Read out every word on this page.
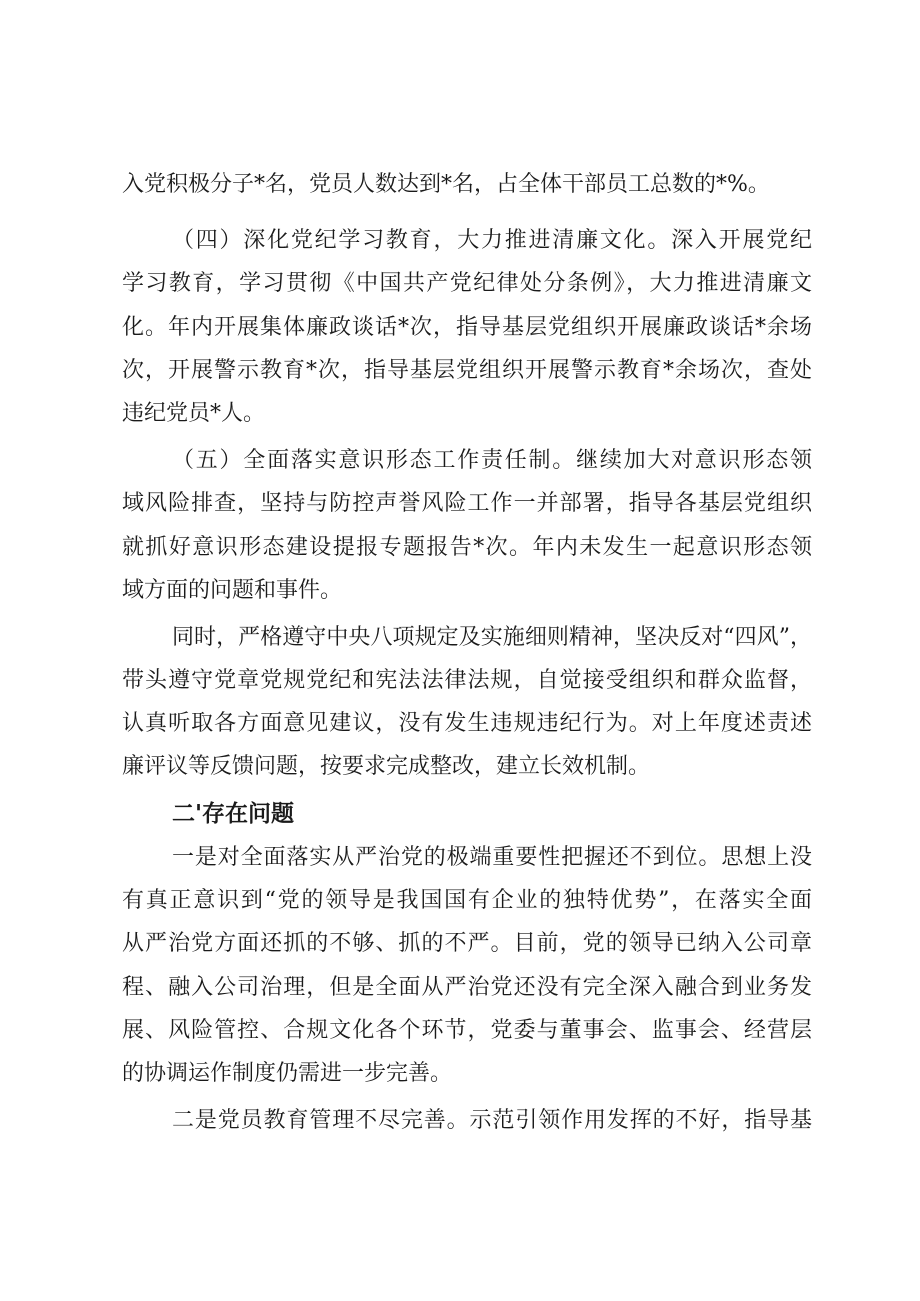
入党积极分子*名，党员人数达到*名，占全体干部员工总数的*%。
（四）深化党纪学习教育，大力推进清廉文化。深入开展党纪
学习教育，学习贯彻《中国共产党纪律处分条例》，大力推进清廉文
化。年内开展集体廉政谈话*次，指导基层党组织开展廉政谈话*余场
次，开展警示教育*次，指导基层党组织开展警示教育*余场次，查处
违纪党员*人。
（五）全面落实意识形态工作责任制。继续加大对意识形态领
域风险排查，坚持与防控声誉风险工作一并部署，指导各基层党组织
就抓好意识形态建设提报专题报告*次。年内未发生一起意识形态领
域方面的问题和事件。
同时，严格遵守中央八项规定及实施细则精神，坚决反对“四风”，
带头遵守党章党规党纪和宪法法律法规，自觉接受组织和群众监督，
认真听取各方面意见建议，没有发生违规违纪行为。对上年度述责述
廉评议等反馈问题，按要求完成整改，建立长效机制。
二'存在问题
一是对全面落实从严治党的极端重要性把握还不到位。思想上没
有真正意识到“党的领导是我国国有企业的独特优势”，在落实全面
从严治党方面还抓的不够、抓的不严。目前，党的领导已纳入公司章
程、融入公司治理，但是全面从严治党还没有完全深入融合到业务发
展、风险管控、合规文化各个环节，党委与董事会、监事会、经营层
的协调运作制度仍需进一步完善。
二是党员教育管理不尽完善。示范引领作用发挥的不好，指导基
